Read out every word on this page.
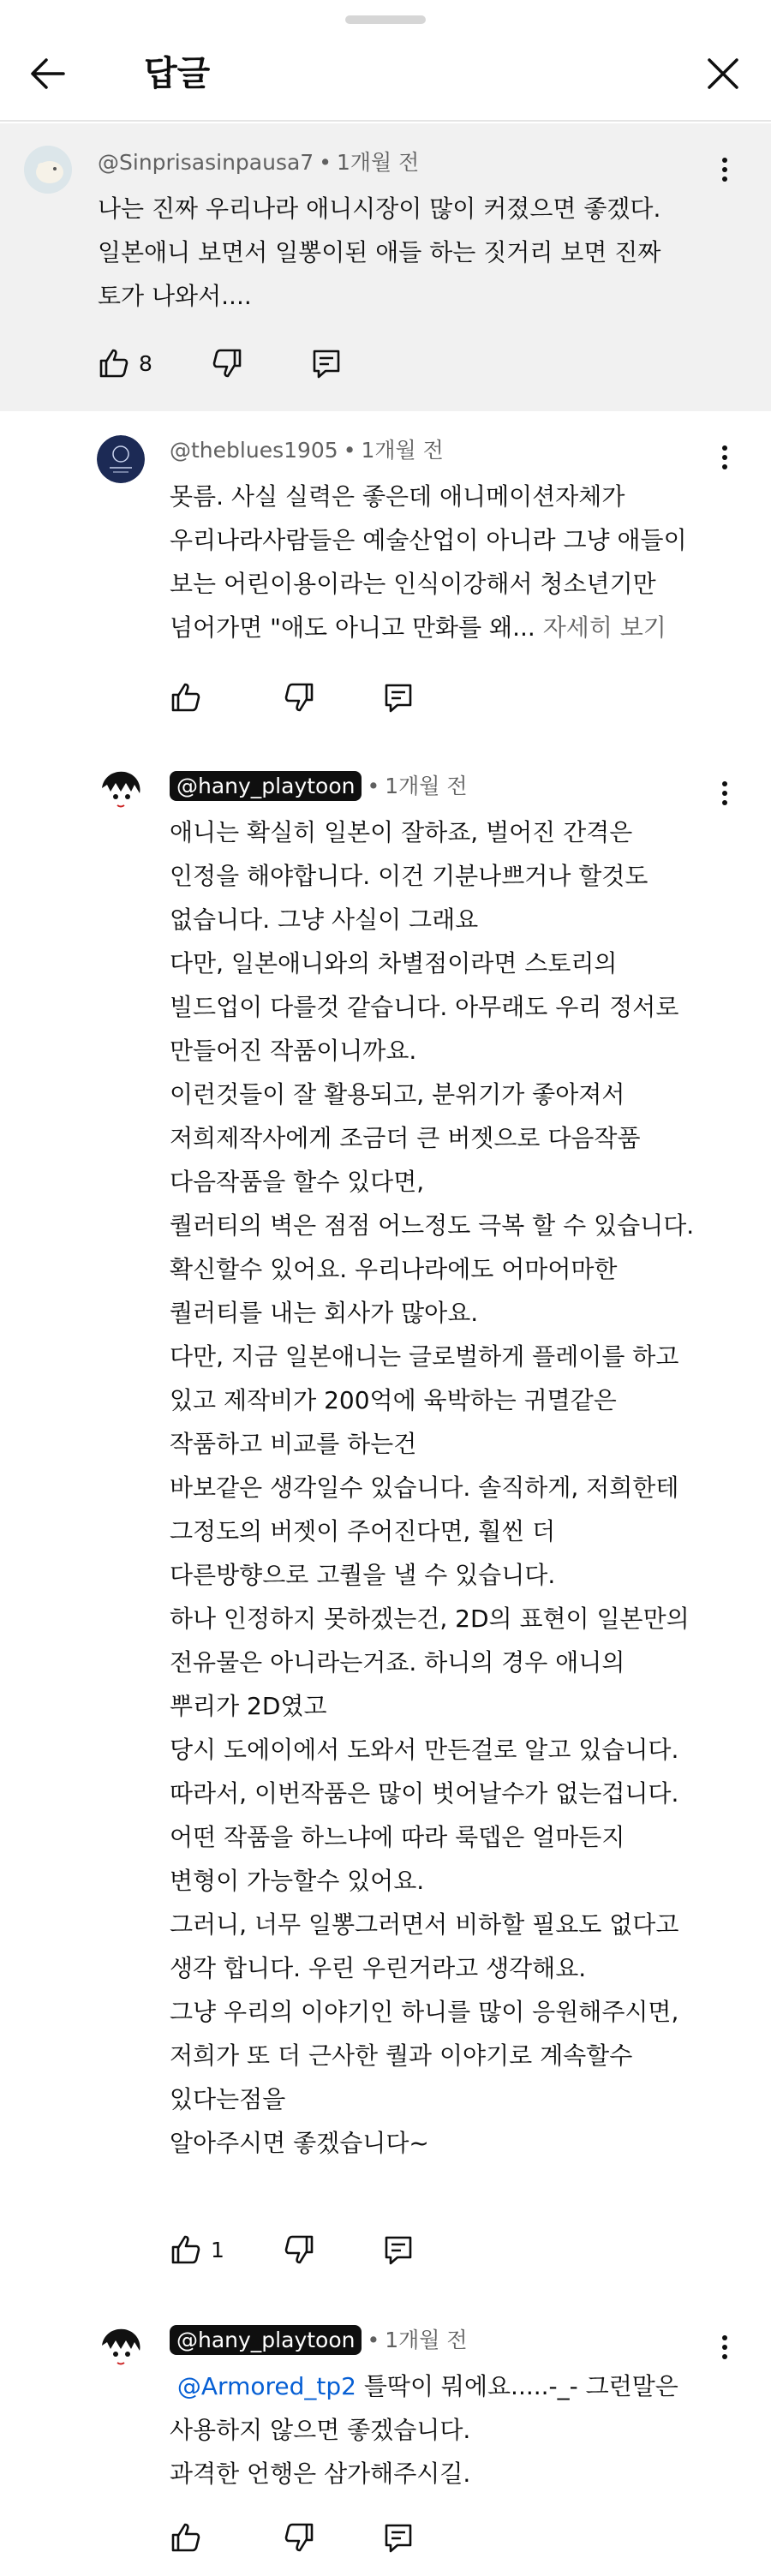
답글
@Sinprisasinpausa7 • 1개월 전
나는 진짜 우리나라 애니시장이 많이 커졌으면 좋겠다.
일본애니 보면서 일뽕이된 애들 하는 짓거리 보면 진짜
토가 나와서....
8
@theblues1905 • 1개월 전
못름. 사실 실력은 좋은데 애니메이션자체가
우리나라사람들은 예술산업이 아니라 그냥 애들이
보는 어린이용이라는 인식이강해서 청소년기만
넘어가면 "애도 아니고 만화를 왜... 자세히 보기
@hany_playtoon • 1개월 전
애니는 확실히 일본이 잘하죠, 벌어진 간격은
인정을 해야합니다. 이건 기분나쁘거나 할것도
없습니다. 그냥 사실이 그래요
다만, 일본애니와의 차별점이라면 스토리의
빌드업이 다를것 같습니다. 아무래도 우리 정서로
만들어진 작품이니까요.
이런것들이 잘 활용되고, 분위기가 좋아져서
저희제작사에게 조금더 큰 버젯으로 다음작품
다음작품을 할수 있다면,
퀄러티의 벽은 점점 어느정도 극복 할 수 있습니다.
확신할수 있어요. 우리나라에도 어마어마한
퀄러티를 내는 회사가 많아요.
다만, 지금 일본애니는 글로벌하게 플레이를 하고
있고 제작비가 200억에 육박하는 귀멸같은
작품하고 비교를 하는건
바보같은 생각일수 있습니다. 솔직하게, 저희한테
그정도의 버젯이 주어진다면, 훨씬 더
다른방향으로 고퀄을 낼 수 있습니다.
하나 인정하지 못하겠는건, 2D의 표현이 일본만의
전유물은 아니라는거죠. 하니의 경우 애니의
뿌리가 2D였고
당시 도에이에서 도와서 만든걸로 알고 있습니다.
따라서, 이번작품은 많이 벗어날수가 없는겁니다.
어떤 작품을 하느냐에 따라 룩뎁은 얼마든지
변형이 가능할수 있어요.
그러니, 너무 일뽕그러면서 비하할 필요도 없다고
생각 합니다. 우린 우린거라고 생각해요.
그냥 우리의 이야기인 하니를 많이 응원해주시면,
저희가 또 더 근사한 퀄과 이야기로 계속할수
있다는점을
알아주시면 좋겠습니다~
1
@hany_playtoon • 1개월 전
@Armored_tp2 틀딱이 뭐에요.....-_- 그런말은
사용하지 않으면 좋겠습니다.
과격한 언행은 삼가해주시길.
